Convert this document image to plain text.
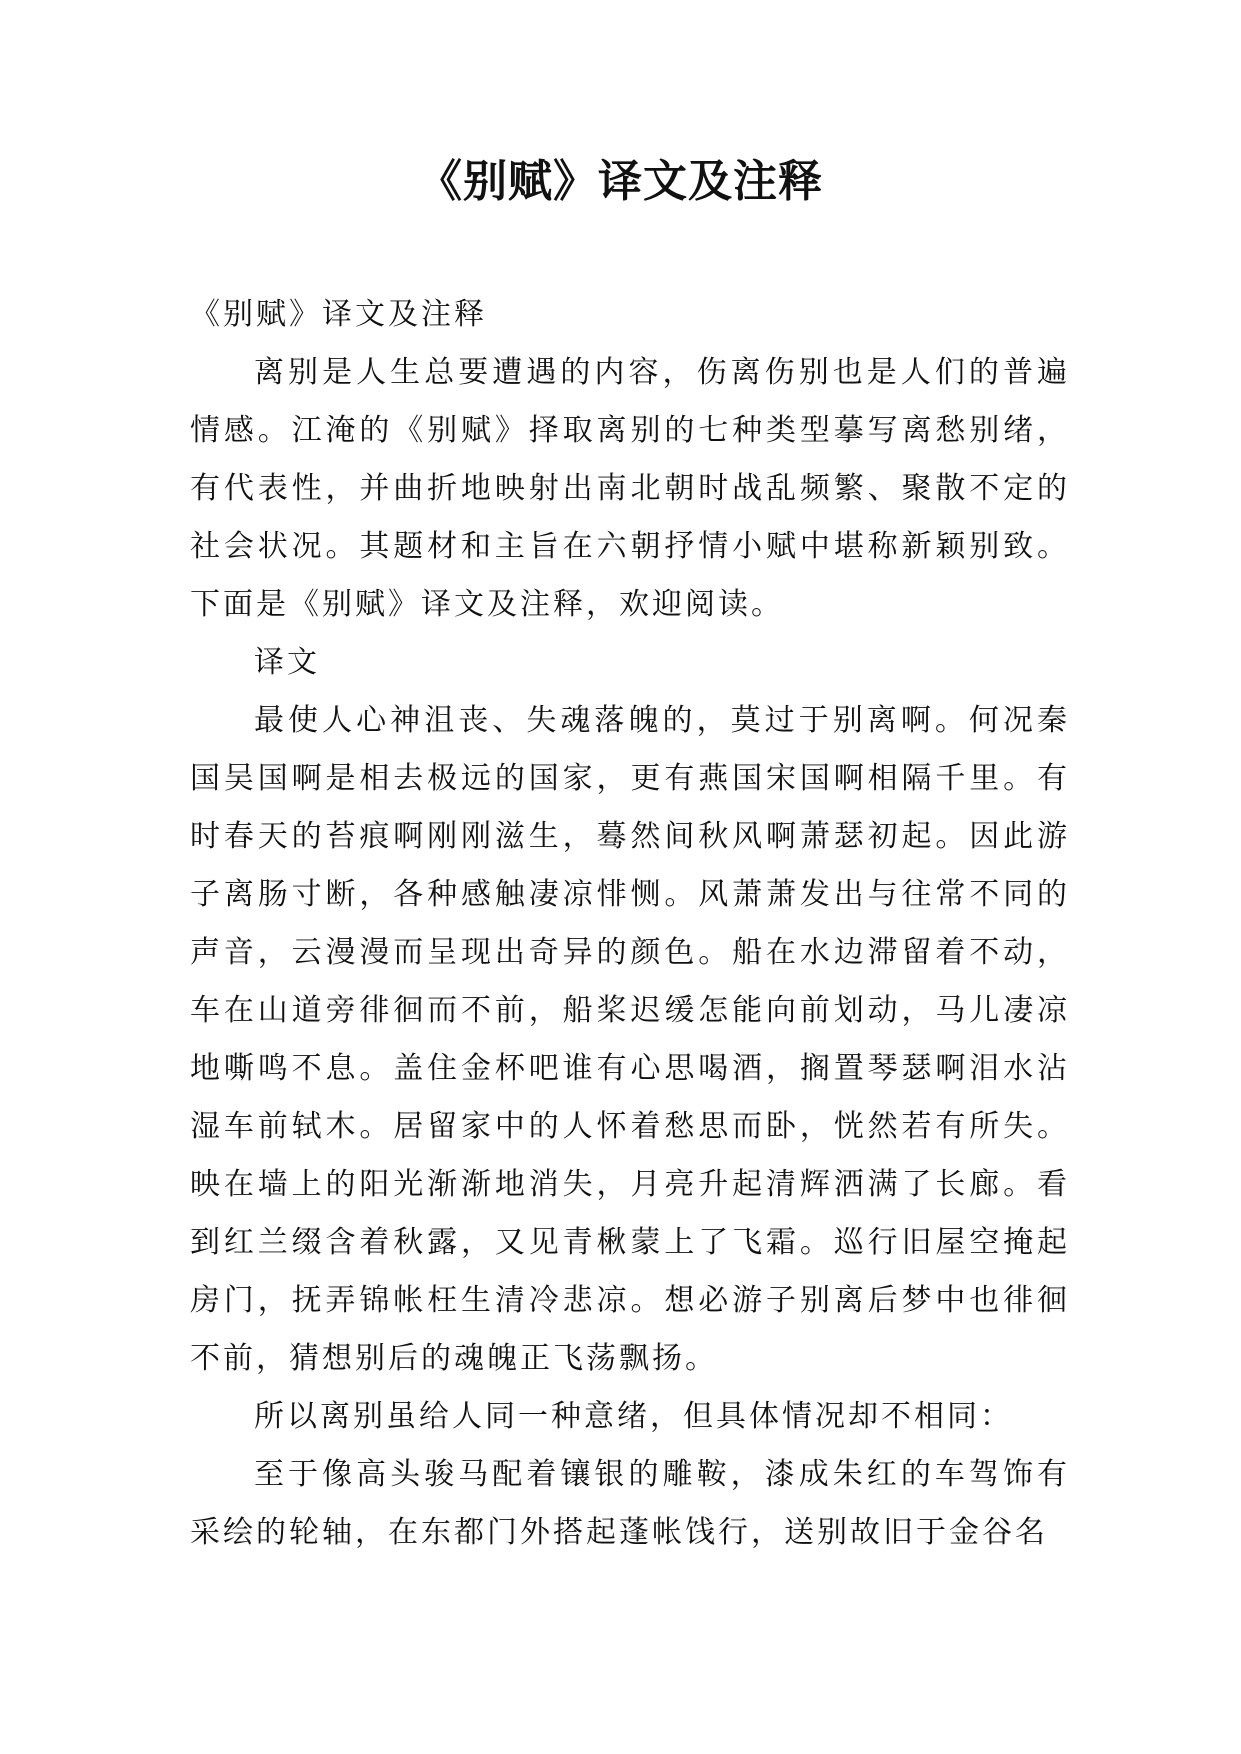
《别赋》译文及注释

《别赋》译文及注释

离别是人生总要遭遇的内容，伤离伤别也是人们的普遍情感。江淹的《别赋》择取离别的七种类型摹写离愁别绪，有代表性，并曲折地映射出南北朝时战乱频繁、聚散不定的社会状况。其题材和主旨在六朝抒情小赋中堪称新颖别致。下面是《别赋》译文及注释，欢迎阅读。

译文

最使人心神沮丧、失魂落魄的，莫过于别离啊。何况秦国吴国啊是相去极远的国家，更有燕国宋国啊相隔千里。有时春天的苔痕啊刚刚滋生，蓦然间秋风啊萧瑟初起。因此游子离肠寸断，各种感触凄凉悱恻。风萧萧发出与往常不同的声音，云漫漫而呈现出奇异的颜色。船在水边滞留着不动，车在山道旁徘徊而不前，船桨迟缓怎能向前划动，马儿凄凉地嘶鸣不息。盖住金杯吧谁有心思喝酒，搁置琴瑟啊泪水沾湿车前轼木。居留家中的人怀着愁思而卧，恍然若有所失。映在墙上的阳光渐渐地消失，月亮升起清辉洒满了长廊。看到红兰缀含着秋露，又见青楸蒙上了飞霜。巡行旧屋空掩起房门，抚弄锦帐枉生清冷悲凉。想必游子别离后梦中也徘徊不前，猜想别后的魂魄正飞荡飘扬。

所以离别虽给人同一种意绪，但具体情况却不相同：

至于像高头骏马配着镶银的雕鞍，漆成朱红的车驾饰有采绘的轮轴，在东都门外搭起蓬帐饯行，送别故旧于金谷名
